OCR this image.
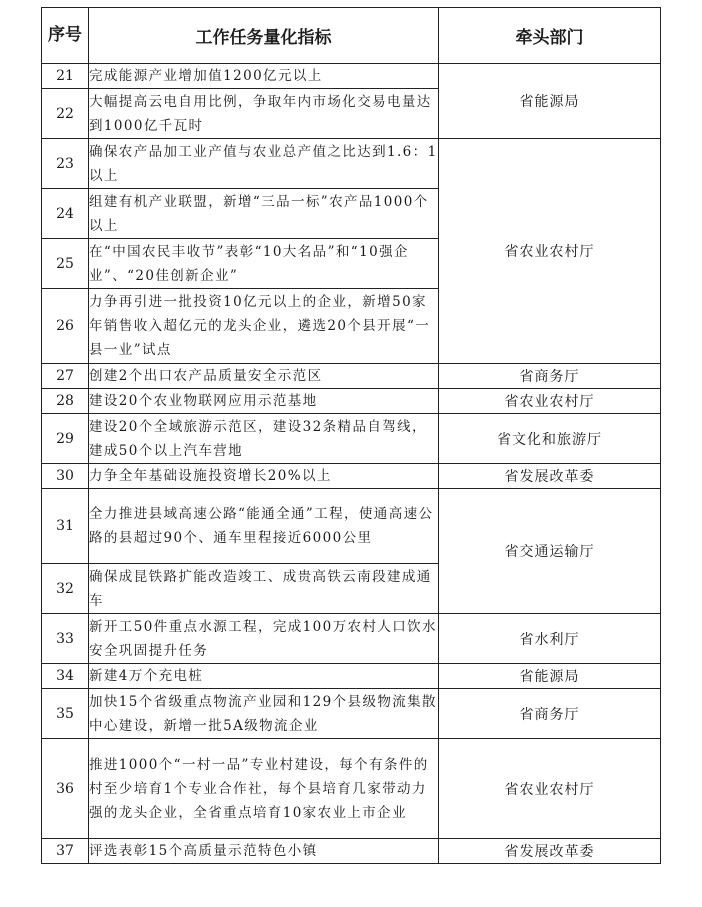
序号	工作任务量化指标	牵头部门
21	完成能源产业增加值1200亿元以上	省能源局
22	大幅提高云电自用比例，争取年内市场化交易电量达到1000亿千瓦时	
23	确保农产品加工业产值与农业总产值之比达到1.6：1以上	省农业农村厅
24	组建有机产业联盟，新增“三品一标”农产品1000个以上	
25	在“中国农民丰收节”表彰“10大名品”和“10强企业”、“20佳创新企业”	
26	力争再引进一批投资10亿元以上的企业，新增50家年销售收入超亿元的龙头企业，遴选20个县开展“一县一业”试点	
27	创建2个出口农产品质量安全示范区	省商务厅
28	建设20个农业物联网应用示范基地	省农业农村厅
29	建设20个全域旅游示范区，建设32条精品自驾线，建成50个以上汽车营地	省文化和旅游厅
30	力争全年基础设施投资增长20%以上	省发展改革委
31	全力推进县域高速公路“能通全通”工程，使通高速公路的县超过90个、通车里程接近6000公里	省交通运输厅
32	确保成昆铁路扩能改造竣工、成贵高铁云南段建成通车	
33	新开工50件重点水源工程，完成100万农村人口饮水安全巩固提升任务	省水利厅
34	新建4万个充电桩	省能源局
35	加快15个省级重点物流产业园和129个县级物流集散中心建设，新增一批5A级物流企业	省商务厅
36	推进1000个“一村一品”专业村建设，每个有条件的村至少培育1个专业合作社，每个县培育几家带动力强的龙头企业，全省重点培育10家农业上市企业	省农业农村厅
37	评选表彰15个高质量示范特色小镇	省发展改革委
